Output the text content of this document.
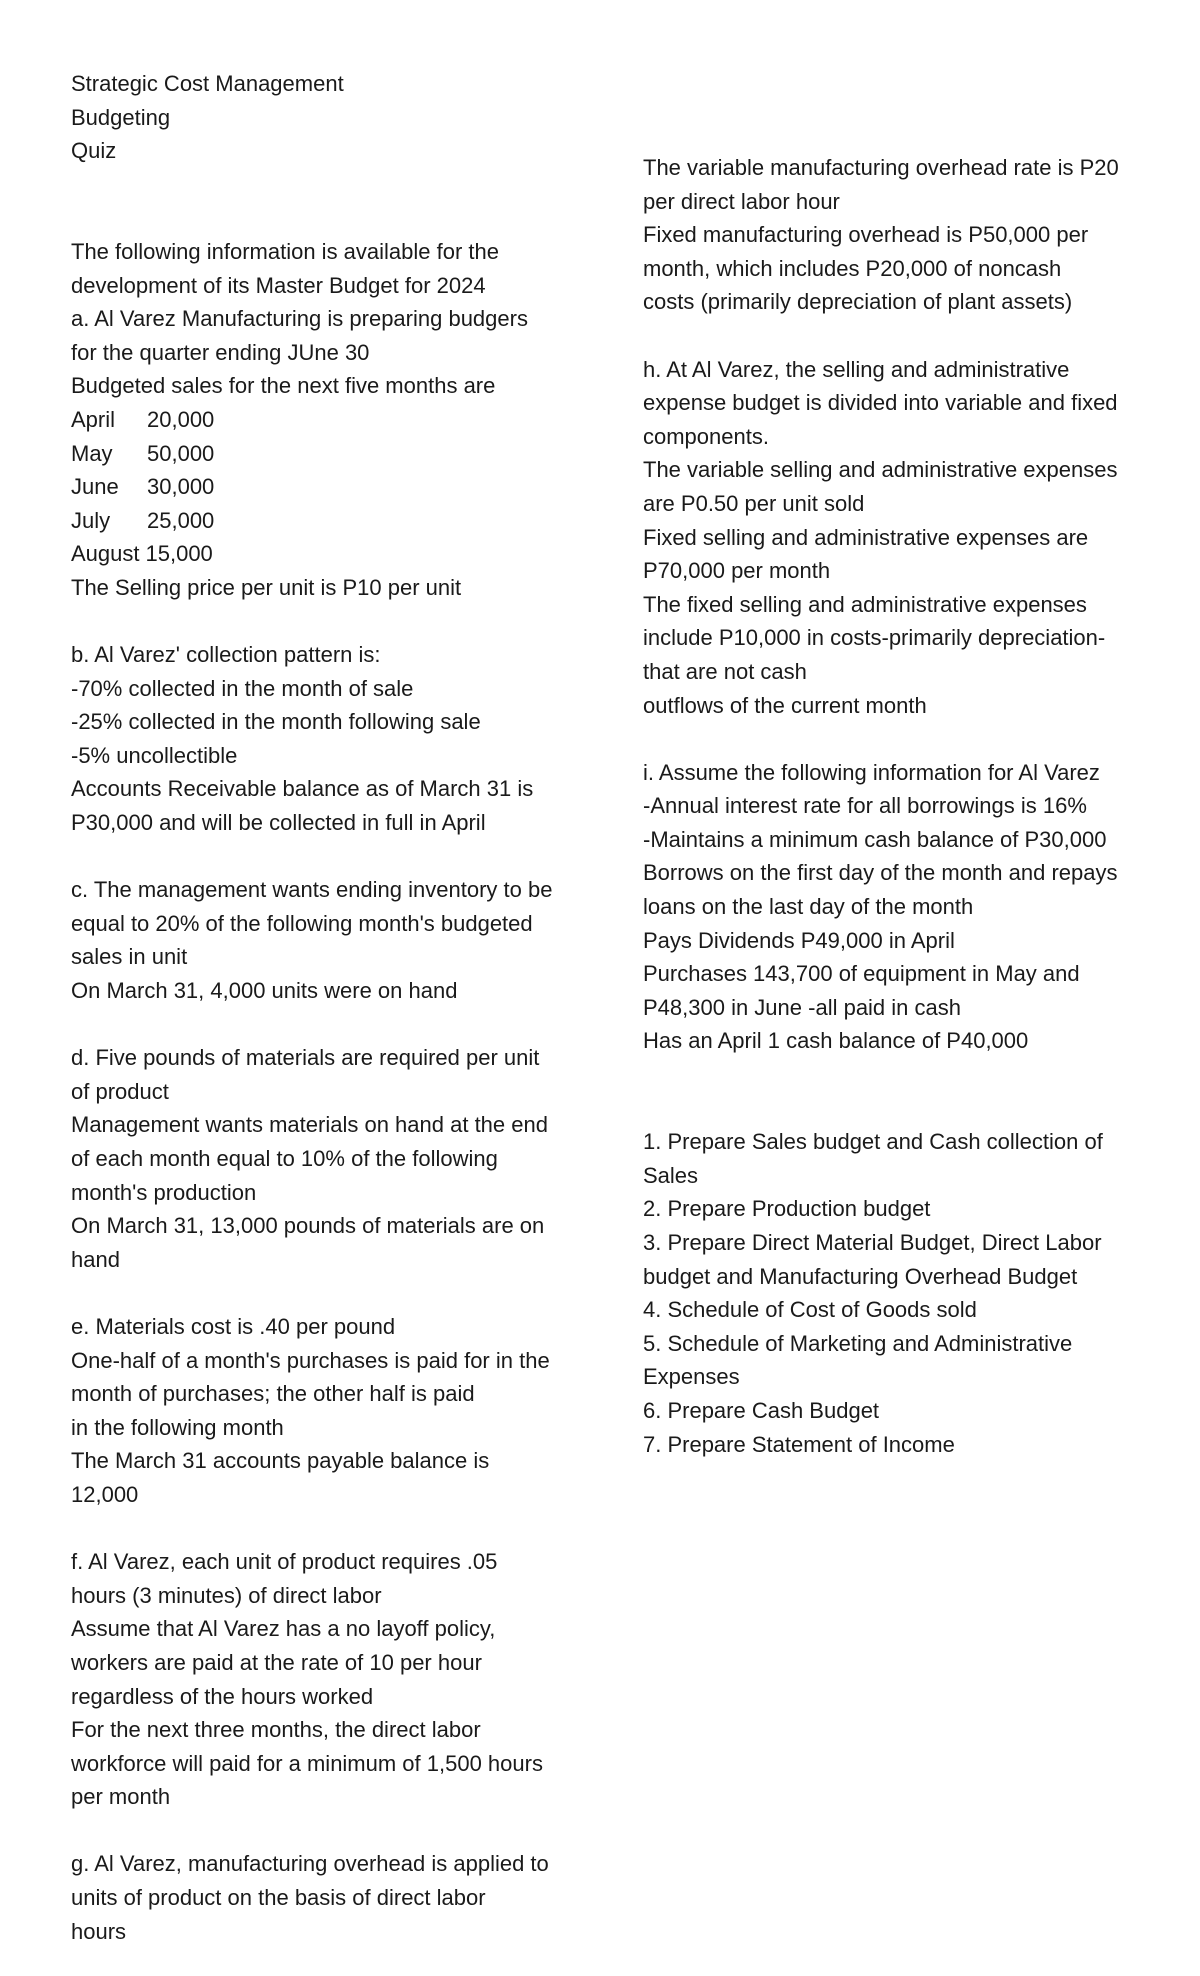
Strategic Cost Management
Budgeting
Quiz
The following information is available for the
development of its Master Budget for 2024
a. Al Varez Manufacturing is preparing budgers
for the quarter ending JUne 30
Budgeted sales for the next five months are
April 20,000
May 50,000
June 30,000
July 25,000
August 15,000
The Selling price per unit is P10 per unit
b. Al Varez' collection pattern is:
-70% collected in the month of sale
-25% collected in the month following sale
-5% uncollectible
Accounts Receivable balance as of March 31 is
P30,000 and will be collected in full in April
c. The management wants ending inventory to be
equal to 20% of the following month's budgeted
sales in unit
On March 31, 4,000 units were on hand
d. Five pounds of materials are required per unit
of product
Management wants materials on hand at the end
of each month equal to 10% of the following
month's production
On March 31, 13,000 pounds of materials are on
hand
e. Materials cost is .40 per pound
One-half of a month's purchases is paid for in the
month of purchases; the other half is paid
in the following month
The March 31 accounts payable balance is
12,000
f. Al Varez, each unit of product requires .05
hours (3 minutes) of direct labor
Assume that Al Varez has a no layoff policy,
workers are paid at the rate of 10 per hour
regardless of the hours worked
For the next three months, the direct labor
workforce will paid for a minimum of 1,500 hours
per month
g. Al Varez, manufacturing overhead is applied to
units of product on the basis of direct labor
hours
The variable manufacturing overhead rate is P20
per direct labor hour
Fixed manufacturing overhead is P50,000 per
month, which includes P20,000 of noncash
costs (primarily depreciation of plant assets)
h. At Al Varez, the selling and administrative
expense budget is divided into variable and fixed
components.
The variable selling and administrative expenses
are P0.50 per unit sold
Fixed selling and administrative expenses are
P70,000 per month
The fixed selling and administrative expenses
include P10,000 in costs-primarily depreciation-
that are not cash
outflows of the current month
i. Assume the following information for Al Varez
-Annual interest rate for all borrowings is 16%
-Maintains a minimum cash balance of P30,000
Borrows on the first day of the month and repays
loans on the last day of the month
Pays Dividends P49,000 in April
Purchases 143,700 of equipment in May and
P48,300 in June -all paid in cash
Has an April 1 cash balance of P40,000
1. Prepare Sales budget and Cash collection of
Sales
2. Prepare Production budget
3. Prepare Direct Material Budget, Direct Labor
budget and Manufacturing Overhead Budget
4. Schedule of Cost of Goods sold
5. Schedule of Marketing and Administrative
Expenses
6. Prepare Cash Budget
7. Prepare Statement of Income
